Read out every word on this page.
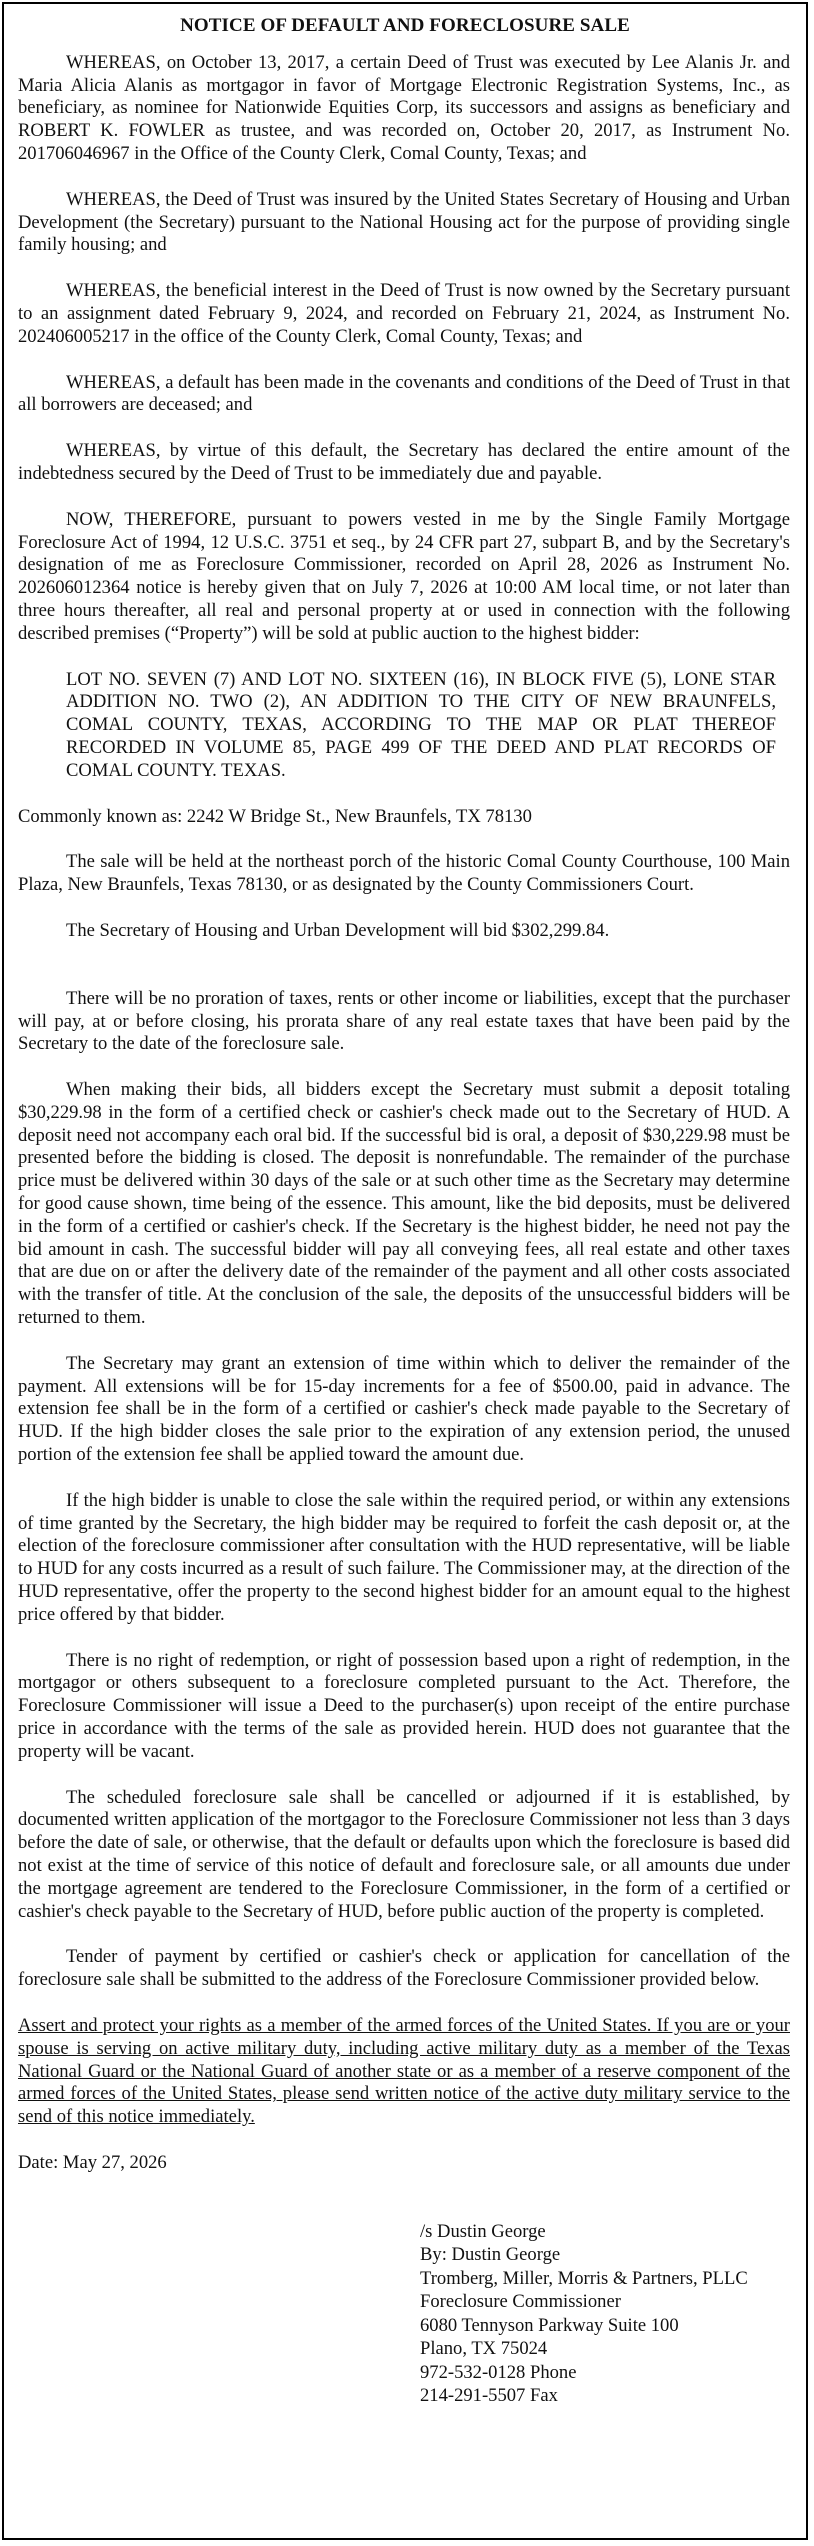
NOTICE OF DEFAULT AND FORECLOSURE SALE
WHEREAS, on October 13, 2017, a certain Deed of Trust was executed by Lee Alanis Jr. and Maria Alicia Alanis as mortgagor in favor of Mortgage Electronic Registration Systems, Inc., as beneficiary, as nominee for Nationwide Equities Corp, its successors and assigns as beneficiary and ROBERT K. FOWLER as trustee, and was recorded on, October 20, 2017, as Instrument No. 201706046967 in the Office of the County Clerk, Comal County, Texas; and
WHEREAS, the Deed of Trust was insured by the United States Secretary of Housing and Urban Development (the Secretary) pursuant to the National Housing act for the purpose of providing single family housing; and
WHEREAS, the beneficial interest in the Deed of Trust is now owned by the Secretary pursuant to an assignment dated February 9, 2024, and recorded on February 21, 2024, as Instrument No. 202406005217 in the office of the County Clerk, Comal County, Texas; and
WHEREAS, a default has been made in the covenants and conditions of the Deed of Trust in that all borrowers are deceased; and
WHEREAS, by virtue of this default, the Secretary has declared the entire amount of the indebtedness secured by the Deed of Trust to be immediately due and payable.
NOW, THEREFORE, pursuant to powers vested in me by the Single Family Mortgage Foreclosure Act of 1994, 12 U.S.C. 3751 et seq., by 24 CFR part 27, subpart B, and by the Secretary's designation of me as Foreclosure Commissioner, recorded on April 28, 2026 as Instrument No. 202606012364 notice is hereby given that on July 7, 2026 at 10:00 AM local time, or not later than three hours thereafter, all real and personal property at or used in connection with the following described premises (“Property”) will be sold at public auction to the highest bidder:
LOT NO. SEVEN (7) AND LOT NO. SIXTEEN (16), IN BLOCK FIVE (5), LONE STAR ADDITION NO. TWO (2), AN ADDITION TO THE CITY OF NEW BRAUNFELS, COMAL COUNTY, TEXAS, ACCORDING TO THE MAP OR PLAT THEREOF RECORDED IN VOLUME 85, PAGE 499 OF THE DEED AND PLAT RECORDS OF COMAL COUNTY. TEXAS.
Commonly known as: 2242 W Bridge St., New Braunfels, TX 78130
The sale will be held at the northeast porch of the historic Comal County Courthouse, 100 Main Plaza, New Braunfels, Texas 78130, or as designated by the County Commissioners Court.
The Secretary of Housing and Urban Development will bid $302,299.84.
There will be no proration of taxes, rents or other income or liabilities, except that the purchaser will pay, at or before closing, his prorata share of any real estate taxes that have been paid by the Secretary to the date of the foreclosure sale.
When making their bids, all bidders except the Secretary must submit a deposit totaling $30,229.98 in the form of a certified check or cashier's check made out to the Secretary of HUD. A deposit need not accompany each oral bid. If the successful bid is oral, a deposit of $30,229.98 must be presented before the bidding is closed. The deposit is nonrefundable. The remainder of the purchase price must be delivered within 30 days of the sale or at such other time as the Secretary may determine for good cause shown, time being of the essence. This amount, like the bid deposits, must be delivered in the form of a certified or cashier's check. If the Secretary is the highest bidder, he need not pay the bid amount in cash. The successful bidder will pay all conveying fees, all real estate and other taxes that are due on or after the delivery date of the remainder of the payment and all other costs associated with the transfer of title. At the conclusion of the sale, the deposits of the unsuccessful bidders will be returned to them.
The Secretary may grant an extension of time within which to deliver the remainder of the payment. All extensions will be for 15-day increments for a fee of $500.00, paid in advance. The extension fee shall be in the form of a certified or cashier's check made payable to the Secretary of HUD. If the high bidder closes the sale prior to the expiration of any extension period, the unused portion of the extension fee shall be applied toward the amount due.
If the high bidder is unable to close the sale within the required period, or within any extensions of time granted by the Secretary, the high bidder may be required to forfeit the cash deposit or, at the election of the foreclosure commissioner after consultation with the HUD representative, will be liable to HUD for any costs incurred as a result of such failure. The Commissioner may, at the direction of the HUD representative, offer the property to the second highest bidder for an amount equal to the highest price offered by that bidder.
There is no right of redemption, or right of possession based upon a right of redemption, in the mortgagor or others subsequent to a foreclosure completed pursuant to the Act. Therefore, the Foreclosure Commissioner will issue a Deed to the purchaser(s) upon receipt of the entire purchase price in accordance with the terms of the sale as provided herein. HUD does not guarantee that the property will be vacant.
The scheduled foreclosure sale shall be cancelled or adjourned if it is established, by documented written application of the mortgagor to the Foreclosure Commissioner not less than 3 days before the date of sale, or otherwise, that the default or defaults upon which the foreclosure is based did not exist at the time of service of this notice of default and foreclosure sale, or all amounts due under the mortgage agreement are tendered to the Foreclosure Commissioner, in the form of a certified or cashier's check payable to the Secretary of HUD, before public auction of the property is completed.
Tender of payment by certified or cashier's check or application for cancellation of the foreclosure sale shall be submitted to the address of the Foreclosure Commissioner provided below.
Assert and protect your rights as a member of the armed forces of the United States. If you are or your spouse is serving on active military duty, including active military duty as a member of the Texas National Guard or the National Guard of another state or as a member of a reserve component of the armed forces of the United States, please send written notice of the active duty military service to the send of this notice immediately.
Date: May 27, 2026
/s Dustin George
By: Dustin George
Tromberg, Miller, Morris & Partners, PLLC
Foreclosure Commissioner
6080 Tennyson Parkway Suite 100
Plano, TX 75024
972-532-0128 Phone
214-291-5507 Fax
